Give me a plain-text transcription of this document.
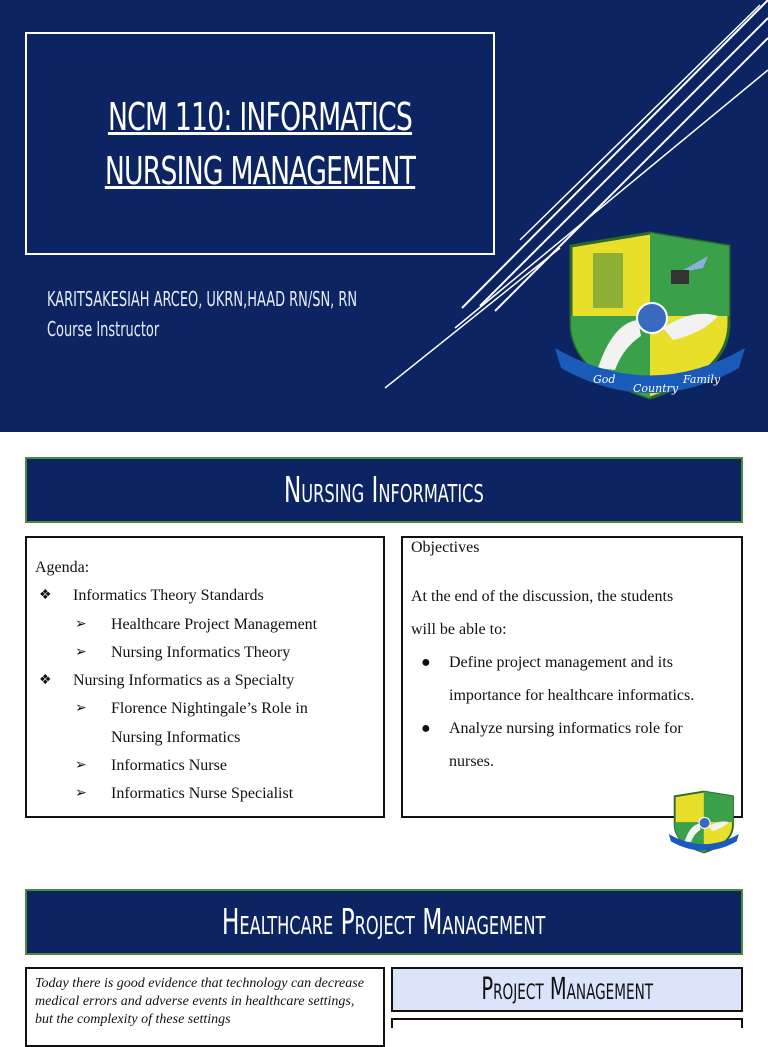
NCM 110: INFORMATICS NURSING MANAGEMENT
KARITSAKESIAH ARCEO, UKRN,HAAD RN/SN, RN
Course Instructor
God
Country
Family
Nursing Informatics
Agenda:
❖ Informatics Theory Standards
➢ Healthcare Project Management
➢ Nursing Informatics Theory
❖ Nursing Informatics as a Specialty
➢ Florence Nightingale’s Role in
Nursing Informatics
➢ Informatics Nurse
➢ Informatics Nurse Specialist
Objectives
At the end of the discussion, the students
will be able to:
● Define project management and its
importance for healthcare informatics.
● Analyze nursing informatics role for
nurses.
Healthcare Project Management
Today there is good evidence that technology can decrease medical errors and adverse events in healthcare settings, but the complexity of these settings
Project Management
